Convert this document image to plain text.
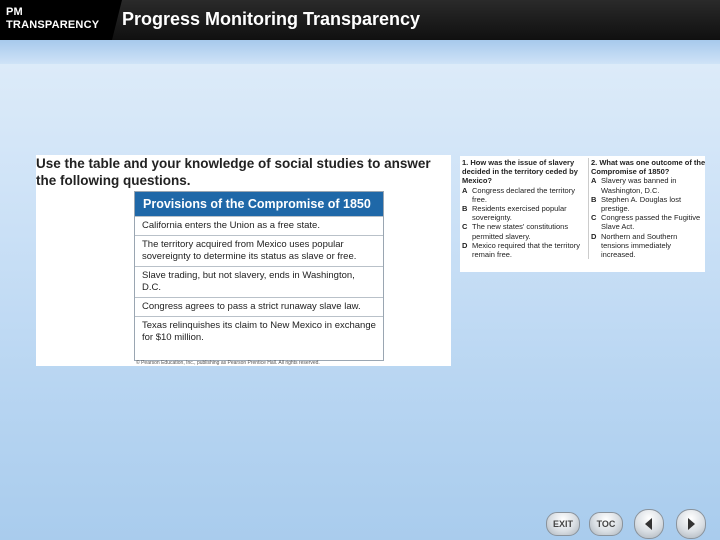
PM
TRANSPARENCY Progress Monitoring Transparency
Use the table and your knowledge of social studies to answer the following questions.
Provisions of the Compromise of 1850
California enters the Union as a free state.
The territory acquired from Mexico uses popular sovereignty to determine its status as slave or free.
Slave trading, but not slavery, ends in Washington, D.C.
Congress agrees to pass a strict runaway slave law.
Texas relinquishes its claim to New Mexico in exchange for $10 million.
© Pearson Education, Inc., publishing as Pearson Prentice Hall. All rights reserved.
1. How was the issue of slavery decided in the territory ceded by Mexico?
A Congress declared the territory free.
B Residents exercised popular sovereignty.
C The new states' constitutions permitted slavery.
D Mexico required that the territory remain free.
2. What was one outcome of the Compromise of 1850?
A Slavery was banned in Washington, D.C.
B Stephen A. Douglas lost prestige.
C Congress passed the Fugitive Slave Act.
D Northern and Southern tensions immediately increased.
EXIT	TOC
